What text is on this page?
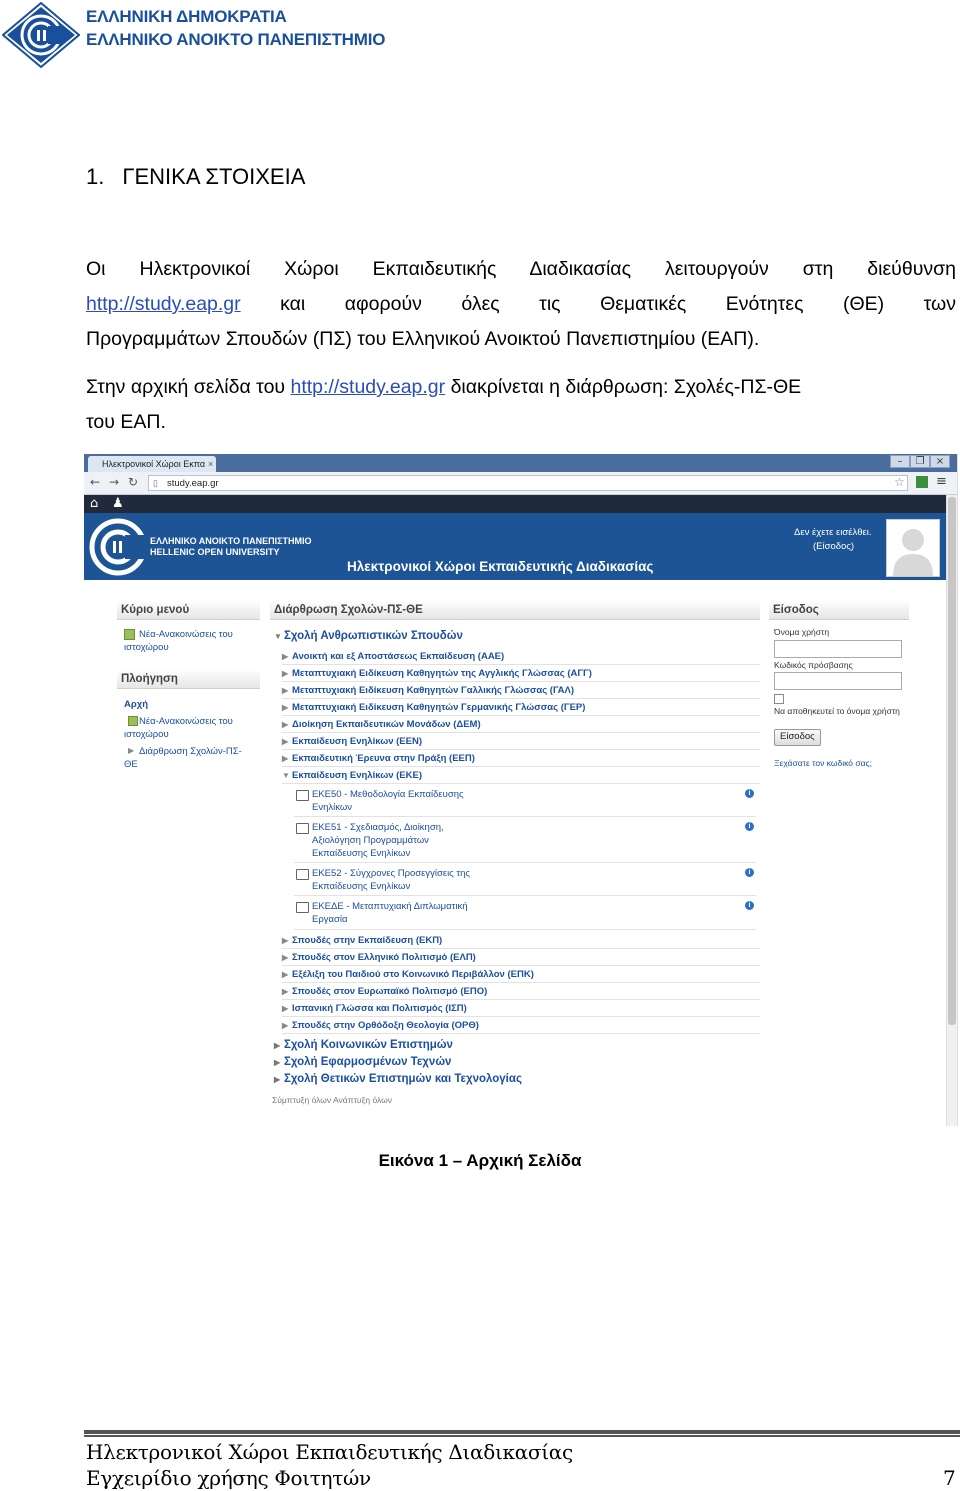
ΕΛΛΗΝΙΚΗ ΔΗΜΟΚΡΑΤΙΑ
ΕΛΛΗΝΙΚΟ ΑΝΟΙΚΤΟ ΠΑΝΕΠΙΣΤΗΜΙΟ
1. ΓΕΝΙΚΑ ΣΤΟΙΧΕΙΑ
Οι Ηλεκτρονικοί Χώροι Εκπαιδευτικής Διαδικασίας λειτουργούν στη διεύθυνση
http://study.eap.gr και αφορούν όλες τις Θεματικές Ενότητες (ΘΕ) των
Προγραμμάτων Σπουδών (ΠΣ) του Ελληνικού Ανοικτού Πανεπιστημίου (ΕΑΠ).
Στην αρχική σελίδα του http://study.eap.gr διακρίνεται η διάρθρωση: Σχολές-ΠΣ-ΘΕ
του ΕΑΠ.
Ηλεκτρονικοί Χώροι Εκπα ×	–	❐	×
← → ↻ ▯ study.eap.gr	☆ ≡
⌂ ♟
ΕΛΛΗΝΙΚΟ ΑΝΟΙΚΤΟ ΠΑΝΕΠΙΣΤΗΜΙΟ
HELLENIC OPEN UNIVERSITY
Ηλεκτρονικοί Χώροι Εκπαιδευτικής Διαδικασίας
Δεν έχετε εισέλθει.
(Είσοδος)
Κύριο μενού
Νέα-Ανακοινώσεις του ιστοχώρου
Πλοήγηση
Αρχή
Νέα-Ανακοινώσεις του ιστοχώρου
▶ Διάρθρωση Σχολών-ΠΣ-ΘΕ
Διάρθρωση Σχολών-ΠΣ-ΘΕ
▼ Σχολή Ανθρωπιστικών Σπουδών
Σύμπτυξη όλων Ανάπτυξη όλων
Είσοδος
Όνομα χρήστη
Κωδικός πρόσβασης
Να αποθηκευτεί το όνομα χρήστη
Είσοδος
Ξεχάσατε τον κωδικό σας;
▶ Ανοικτή και εξ Αποστάσεως Εκπαίδευση (ΑΑΕ)
▶ Μεταπτυχιακή Ειδίκευση Καθηγητών της Αγγλικής Γλώσσας (ΑΓΓ)
▶ Μεταπτυχιακή Ειδίκευση Καθηγητών Γαλλικής Γλώσσας (ΓΑΛ)
▶ Μεταπτυχιακή Ειδίκευση Καθηγητών Γερμανικής Γλώσσας (ΓΕΡ)
▶ Διοίκηση Εκπαιδευτικών Μονάδων (ΔΕΜ)
▶ Εκπαίδευση Ενηλίκων (ΕΕΝ)
▶ Εκπαιδευτική Έρευνα στην Πράξη (ΕΕΠ)
▼ Εκπαίδευση Ενηλίκων (ΕΚΕ)
ΕΚΕ50 - Μεθοδολογία Εκπαίδευσης
Ενηλίκων
i
ΕΚΕ51 - Σχεδιασμός, Διοίκηση,
Αξιολόγηση Προγραμμάτων
Εκπαίδευσης Ενηλίκων
i
ΕΚΕ52 - Σύγχρονες Προσεγγίσεις της
Εκπαίδευσης Ενηλίκων
i
ΕΚΕΔΕ - Μεταπτυχιακή Διπλωματική
Εργασία
i
▶ Σπουδές στην Εκπαίδευση (ΕΚΠ)
▶ Σπουδές στον Ελληνικό Πολιτισμό (ΕΛΠ)
▶ Εξέλιξη του Παιδιού στο Κοινωνικό Περιβάλλον (ΕΠΚ)
▶ Σπουδές στον Ευρωπαϊκό Πολιτισμό (ΕΠΟ)
▶ Ισπανική Γλώσσα και Πολιτισμός (ΙΣΠ)
▶ Σπουδές στην Ορθόδοξη Θεολογία (ΟΡΘ)
▶ Σχολή Κοινωνικών Επιστημών
▶ Σχολή Εφαρμοσμένων Τεχνών
▶ Σχολή Θετικών Επιστημών και Τεχνολογίας
Εικόνα 1 – Αρχική Σελίδα
Ηλεκτρονικοί Χώροι Εκπαιδευτικής Διαδικασίας
Εγχειρίδιο χρήσης Φοιτητών	7
